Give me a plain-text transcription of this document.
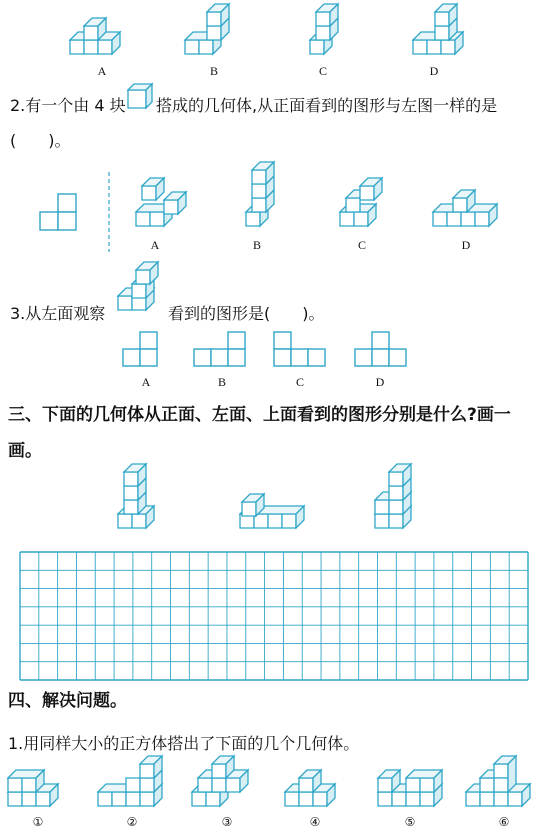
A	B	C	D
2.有一个由 4 块 搭成的几何体,从正面看到的图形与左图一样的是
(　　)。
A	B	C	D
3.从左面观察	看到的图形是(　　)。
A	B	C	D
三、下面的几何体从正面、左面、上面看到的图形分别是什么?画一
画。
四、解决问题。
1.用同样大小的正方体搭出了下面的几个几何体。
①	②	③	④	⑤	⑥
